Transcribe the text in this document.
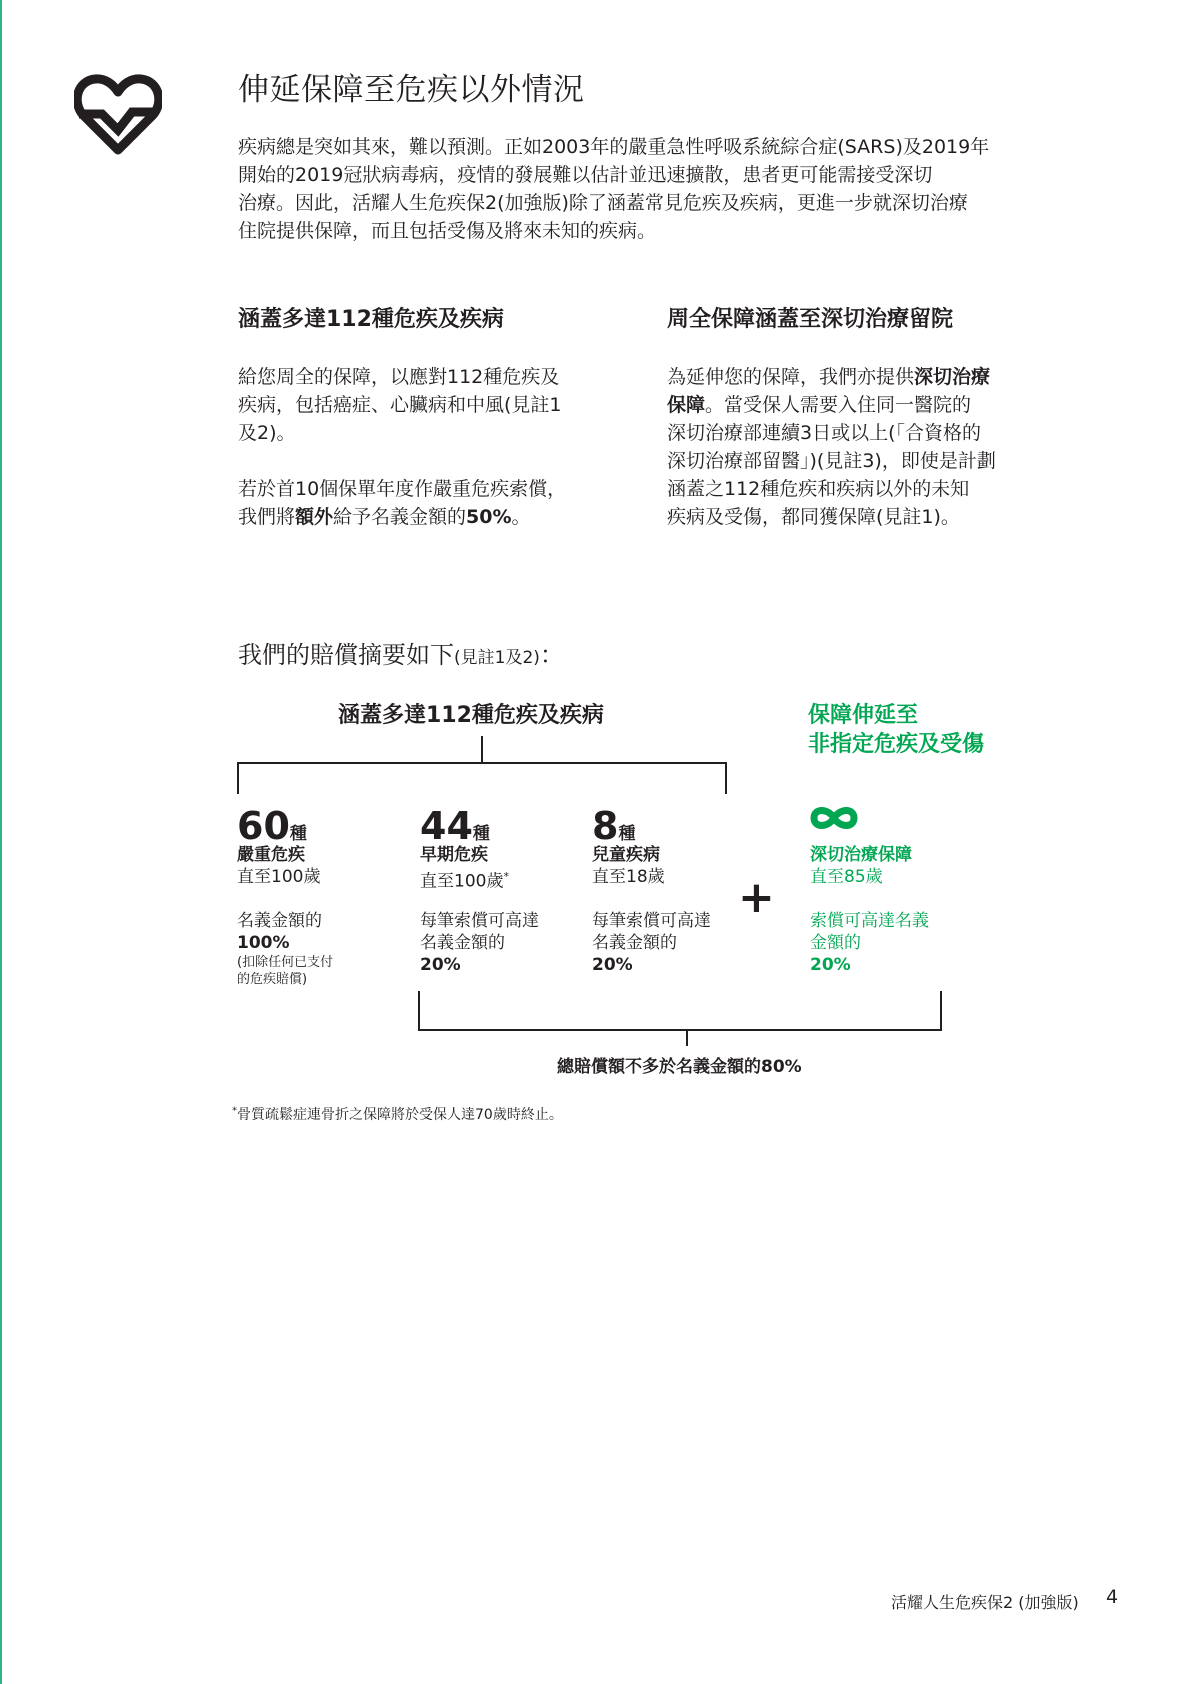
伸延保障至危疾以外情況
疾病總是突如其來，難以預測。正如2003年的嚴重急性呼吸系統綜合症(SARS)及2019年
開始的2019冠狀病毒病，疫情的發展難以估計並迅速擴散，患者更可能需接受深切
治療。因此，活耀人生危疾保2(加強版)除了涵蓋常見危疾及疾病，更進一步就深切治療
住院提供保障，而且包括受傷及將來未知的疾病。
涵蓋多達112種危疾及疾病
給您周全的保障，以應對112種危疾及
疾病，包括癌症、心臟病和中風(見註1
及2)。
若於首10個保單年度作嚴重危疾索償，
我們將額外給予名義金額的50%。
周全保障涵蓋至深切治療留院
為延伸您的保障，我們亦提供深切治療
保障。當受保人需要入住同一醫院的
深切治療部連續3日或以上(「合資格的
深切治療部留醫」)(見註3)，即使是計劃
涵蓋之112種危疾和疾病以外的未知
疾病及受傷，都同獲保障(見註1)。
我們的賠償摘要如下(見註1及2)：
涵蓋多達112種危疾及疾病	保障伸延至
非指定危疾及受傷
60種
嚴重危疾
直至100歲
名義金額的
100%
(扣除任何已支付
的危疾賠償)
44種
早期危疾
直至100歲*
每筆索償可高達
名義金額的
20%
8種
兒童疾病
直至18歲
每筆索償可高達
名義金額的
20%
+
深切治療保障
直至85歲
索償可高達名義
金額的
20%
總賠償額不多於名義金額的80%
*骨質疏鬆症連骨折之保障將於受保人達70歲時終止。
活耀人生危疾保2 (加強版) 4
